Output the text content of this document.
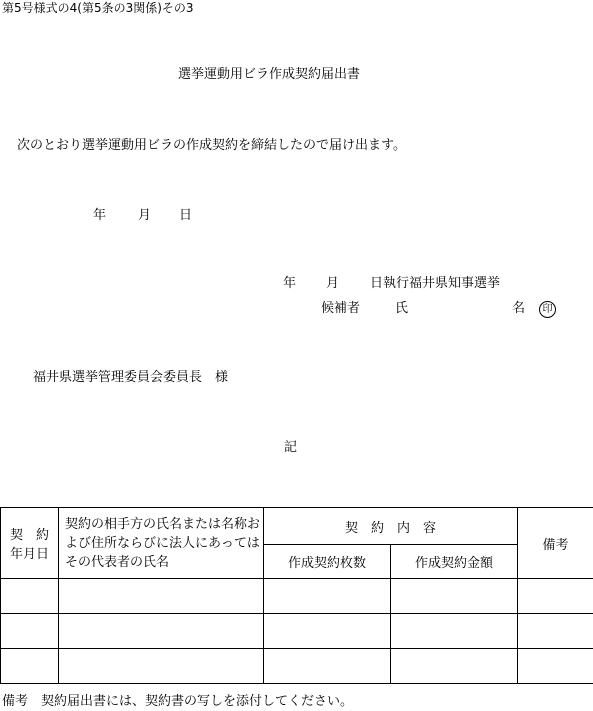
第5号様式の4(第5条の3関係)その3
選挙運動用ビラ作成契約届出書
次のとおり選挙運動用ビラの作成契約を締結したので届け出ます。
年 月 日
年 月 日執行福井県知事選挙
候補者	氏	名	印
福井県選挙管理委員会委員長　様
記
契　約
年月日	契約の相手方の氏名または名称および住所ならびに法人にあってはその代表者の氏名	契　約　内　容		備考
		作成契約枚数	作成契約金額	

備考　契約届出書には、契約書の写しを添付してください。
